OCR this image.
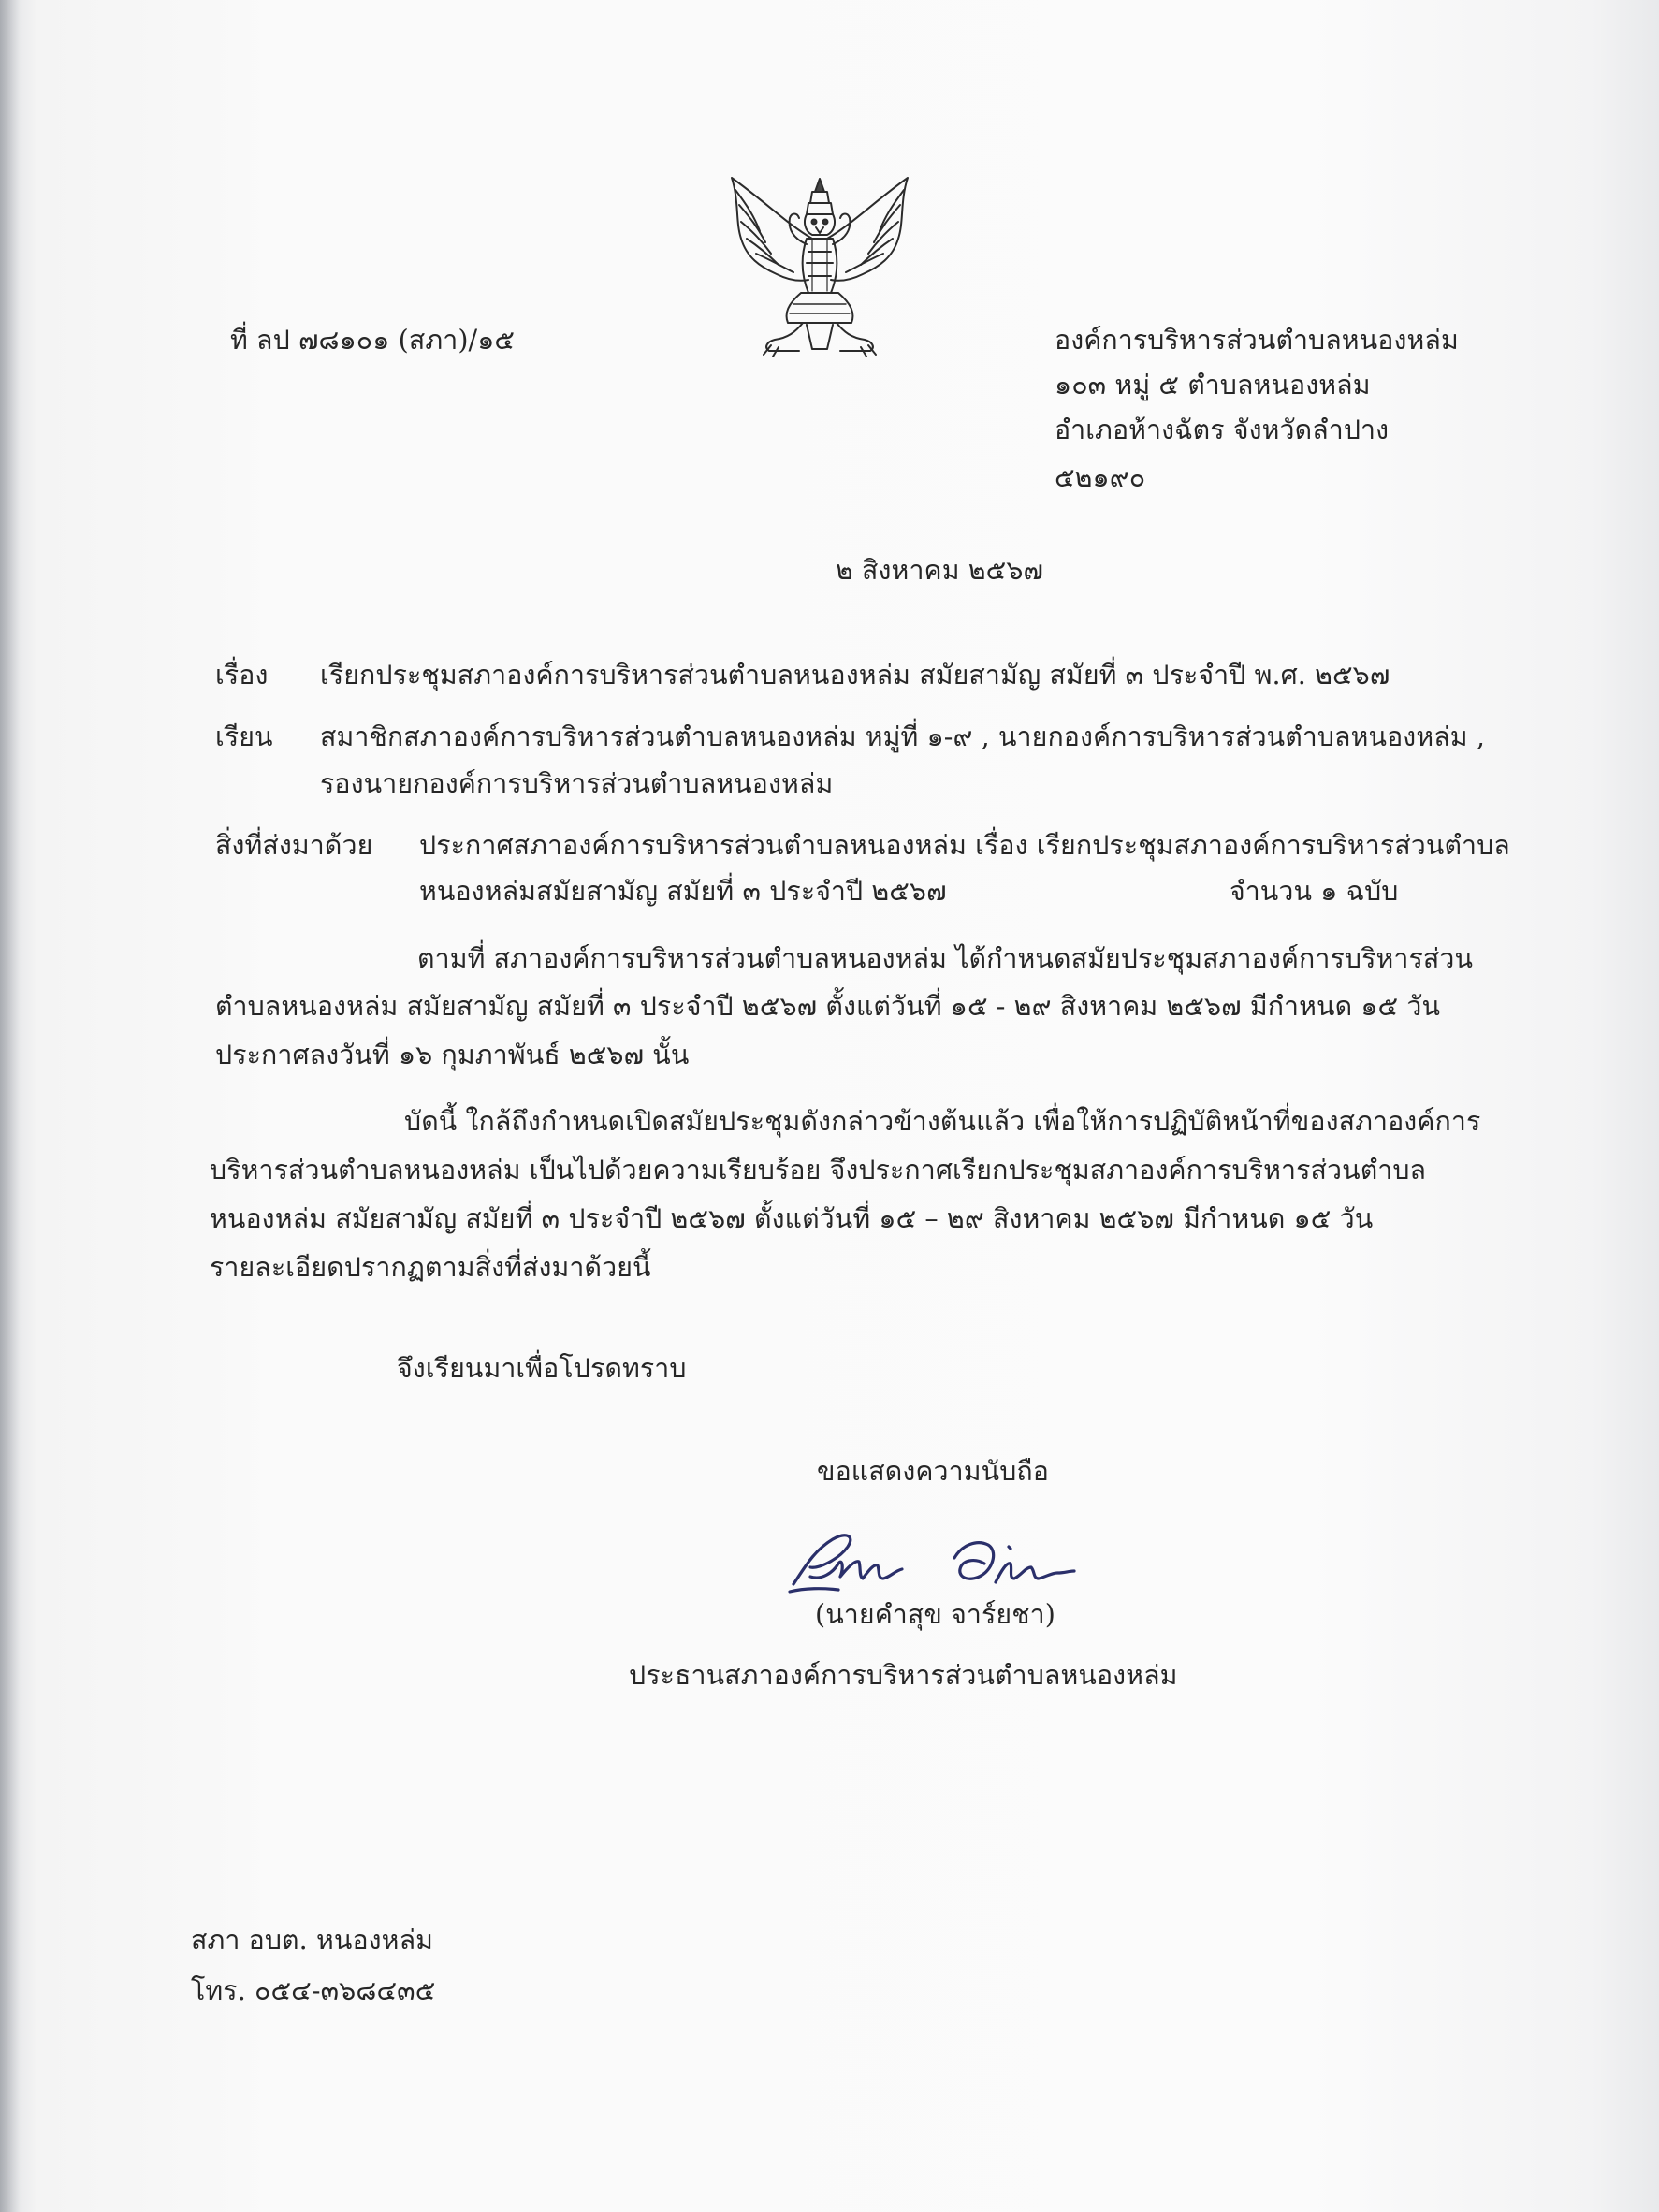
ที่ ลป ๗๘๑๐๑ (สภา)/๑๕	องค์การบริหารส่วนตำบลหนองหล่ม
๑๐๓ หมู่ ๕ ตำบลหนองหล่ม
อำเภอห้างฉัตร จังหวัดลำปาง
๕๒๑๙๐
๒ สิงหาคม ๒๕๖๗
เรื่อง เรียกประชุมสภาองค์การบริหารส่วนตำบลหนองหล่ม สมัยสามัญ สมัยที่ ๓ ประจำปี พ.ศ. ๒๕๖๗
เรียน สมาชิกสภาองค์การบริหารส่วนตำบลหนองหล่ม หมู่ที่ ๑-๙ , นายกองค์การบริหารส่วนตำบลหนองหล่ม ,
รองนายกองค์การบริหารส่วนตำบลหนองหล่ม
สิ่งที่ส่งมาด้วย ประกาศสภาองค์การบริหารส่วนตำบลหนองหล่ม เรื่อง เรียกประชุมสภาองค์การบริหารส่วนตำบล
หนองหล่มสมัยสามัญ สมัยที่ ๓ ประจำปี ๒๕๖๗	จำนวน ๑ ฉบับ
ตามที่ สภาองค์การบริหารส่วนตำบลหนองหล่ม ได้กำหนดสมัยประชุมสภาองค์การบริหารส่วน
ตำบลหนองหล่ม สมัยสามัญ สมัยที่ ๓ ประจำปี ๒๕๖๗ ตั้งแต่วันที่ ๑๕ - ๒๙ สิงหาคม ๒๕๖๗ มีกำหนด ๑๕ วัน
ประกาศลงวันที่ ๑๖ กุมภาพันธ์ ๒๕๖๗ นั้น
บัดนี้ ใกล้ถึงกำหนดเปิดสมัยประชุมดังกล่าวข้างต้นแล้ว เพื่อให้การปฏิบัติหน้าที่ของสภาองค์การ
บริหารส่วนตำบลหนองหล่ม เป็นไปด้วยความเรียบร้อย จึงประกาศเรียกประชุมสภาองค์การบริหารส่วนตำบล
หนองหล่ม สมัยสามัญ สมัยที่ ๓ ประจำปี ๒๕๖๗ ตั้งแต่วันที่ ๑๕ – ๒๙ สิงหาคม ๒๕๖๗ มีกำหนด ๑๕ วัน
รายละเอียดปรากฏตามสิ่งที่ส่งมาด้วยนี้
จึงเรียนมาเพื่อโปรดทราบ
ขอแสดงความนับถือ
(นายคำสุข จาร์ยชา)
ประธานสภาองค์การบริหารส่วนตำบลหนองหล่ม
สภา อบต. หนองหล่ม
โทร. ๐๕๔-๓๖๘๔๓๕
